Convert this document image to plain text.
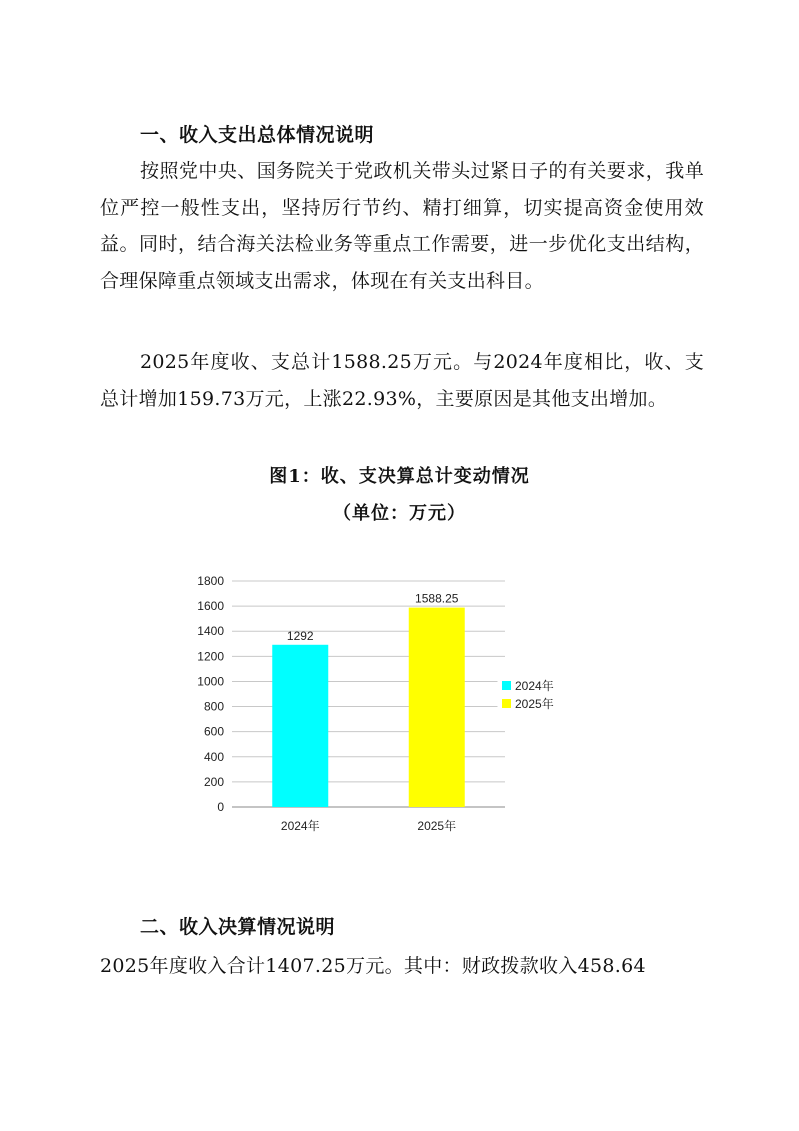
一、收入支出总体情况说明

按照党中央、国务院关于党政机关带头过紧日子的有关要求，我单位严控一般性支出，坚持厉行节约、精打细算，切实提高资金使用效益。同时，结合海关法检业务等重点工作需要，进一步优化支出结构，合理保障重点领域支出需求，体现在有关支出科目。

2025年度收、支总计1588.25万元。与2024年度相比，收、支总计增加159.73万元，上涨22.93%，主要原因是其他支出增加。

图1：收、支决算总计变动情况
（单位：万元）
0
200
400
600
800
1000
1200
1400
1600
1800
1292
2024年
1588.25
2025年
2024年
2025年
二、收入决算情况说明

2025年度收入合计1407.25万元。其中：财政拨款收入458.64
